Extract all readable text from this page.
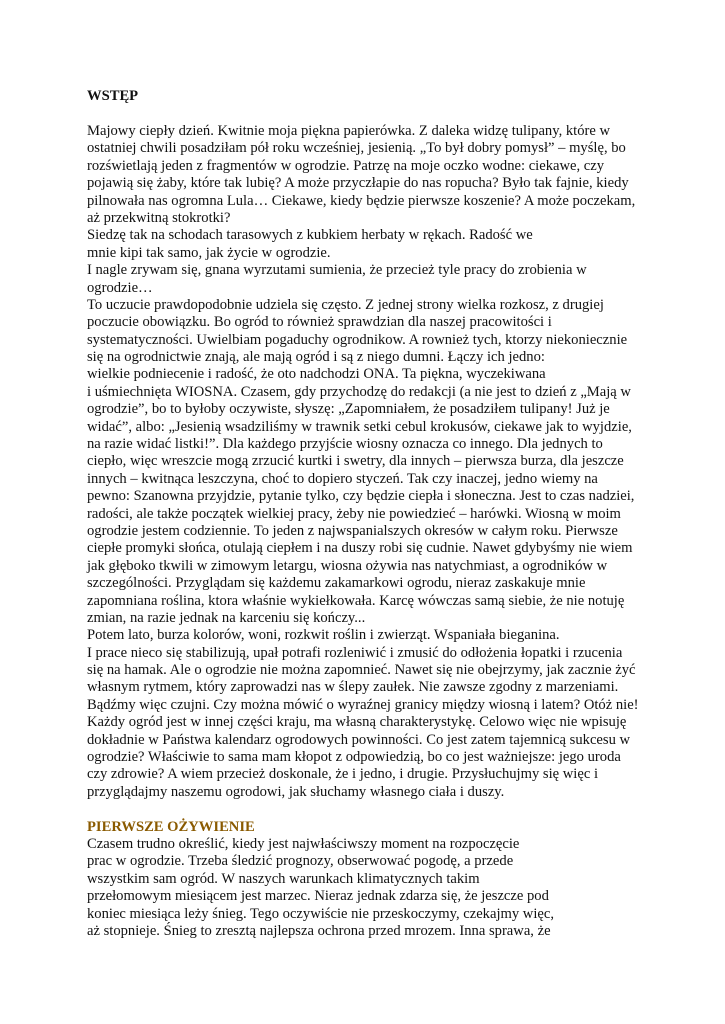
WSTĘP
Majowy ciepły dzień. Kwitnie moja piękna papierówka. Z daleka widzę tulipany, które w
ostatniej chwili posadziłam pół roku wcześniej, jesienią. „To był dobry pomysł” – myślę, bo
rozświetlają jeden z fragmentów w ogrodzie. Patrzę na moje oczko wodne: ciekawe, czy
pojawią się żaby, które tak lubię? A może przyczłapie do nas ropucha? Było tak fajnie, kiedy
pilnowała nas ogromna Lula… Ciekawe, kiedy będzie pierwsze koszenie? A może poczekam,
aż przekwitną stokrotki?
Siedzę tak na schodach tarasowych z kubkiem herbaty w rękach. Radość we
mnie kipi tak samo, jak życie w ogrodzie.
I nagle zrywam się, gnana wyrzutami sumienia, że przecież tyle pracy do zrobienia w
ogrodzie…
To uczucie prawdopodobnie udziela się często. Z jednej strony wielka rozkosz, z drugiej
poczucie obowiązku. Bo ogród to również sprawdzian dla naszej pracowitości i
systematyczności. Uwielbiam pogaduchy ogrodnikow. A rownież tych, ktorzy niekoniecznie
się na ogrodnictwie znają, ale mają ogród i są z niego dumni. Łączy ich jedno:
wielkie podniecenie i radość, że oto nadchodzi ONA. Ta piękna, wyczekiwana
i uśmiechnięta WIOSNA. Czasem, gdy przychodzę do redakcji (a nie jest to dzień z „Mają w
ogrodzie”, bo to byłoby oczywiste, słyszę: „Zapomniałem, że posadziłem tulipany! Już je
widać”, albo: „Jesienią wsadziliśmy w trawnik setki cebul krokusów, ciekawe jak to wyjdzie,
na razie widać listki!”. Dla każdego przyjście wiosny oznacza co innego. Dla jednych to
ciepło, więc wreszcie mogą zrzucić kurtki i swetry, dla innych – pierwsza burza, dla jeszcze
innych – kwitnąca leszczyna, choć to dopiero styczeń. Tak czy inaczej, jedno wiemy na
pewno: Szanowna przyjdzie, pytanie tylko, czy będzie ciepła i słoneczna. Jest to czas nadziei,
radości, ale także początek wielkiej pracy, żeby nie powiedzieć – harówki. Wiosną w moim
ogrodzie jestem codziennie. To jeden z najwspanialszych okresów w całym roku. Pierwsze
ciepłe promyki słońca, otulają ciepłem i na duszy robi się cudnie. Nawet gdybyśmy nie wiem
jak głęboko tkwili w zimowym letargu, wiosna ożywia nas natychmiast, a ogrodników w
szczególności. Przyglądam się każdemu zakamarkowi ogrodu, nieraz zaskakuje mnie
zapomniana roślina, ktora właśnie wykiełkowała. Karcę wówczas samą siebie, że nie notuję
zmian, na razie jednak na karceniu się kończy...
Potem lato, burza kolorów, woni, rozkwit roślin i zwierząt. Wspaniała bieganina.
I prace nieco się stabilizują, upał potrafi rozleniwić i zmusić do odłożenia łopatki i rzucenia
się na hamak. Ale o ogrodzie nie można zapomnieć. Nawet się nie obejrzymy, jak zacznie żyć
własnym rytmem, który zaprowadzi nas w ślepy zaułek. Nie zawsze zgodny z marzeniami.
Bądźmy więc czujni. Czy można mówić o wyraźnej granicy między wiosną i latem? Otóż nie!
Każdy ogród jest w innej części kraju, ma własną charakterystykę. Celowo więc nie wpisuję
dokładnie w Państwa kalendarz ogrodowych powinności. Co jest zatem tajemnicą sukcesu w
ogrodzie? Właściwie to sama mam kłopot z odpowiedzią, bo co jest ważniejsze: jego uroda
czy zdrowie? A wiem przecież doskonale, że i jedno, i drugie. Przysłuchujmy się więc i
przyglądajmy naszemu ogrodowi, jak słuchamy własnego ciała i duszy.
PIERWSZE OŻYWIENIE
Czasem trudno określić, kiedy jest najwłaściwszy moment na rozpoczęcie
prac w ogrodzie. Trzeba śledzić prognozy, obserwować pogodę, a przede
wszystkim sam ogród. W naszych warunkach klimatycznych takim
przełomowym miesiącem jest marzec. Nieraz jednak zdarza się, że jeszcze pod
koniec miesiąca leży śnieg. Tego oczywiście nie przeskoczymy, czekajmy więc,
aż stopnieje. Śnieg to zresztą najlepsza ochrona przed mrozem. Inna sprawa, że
